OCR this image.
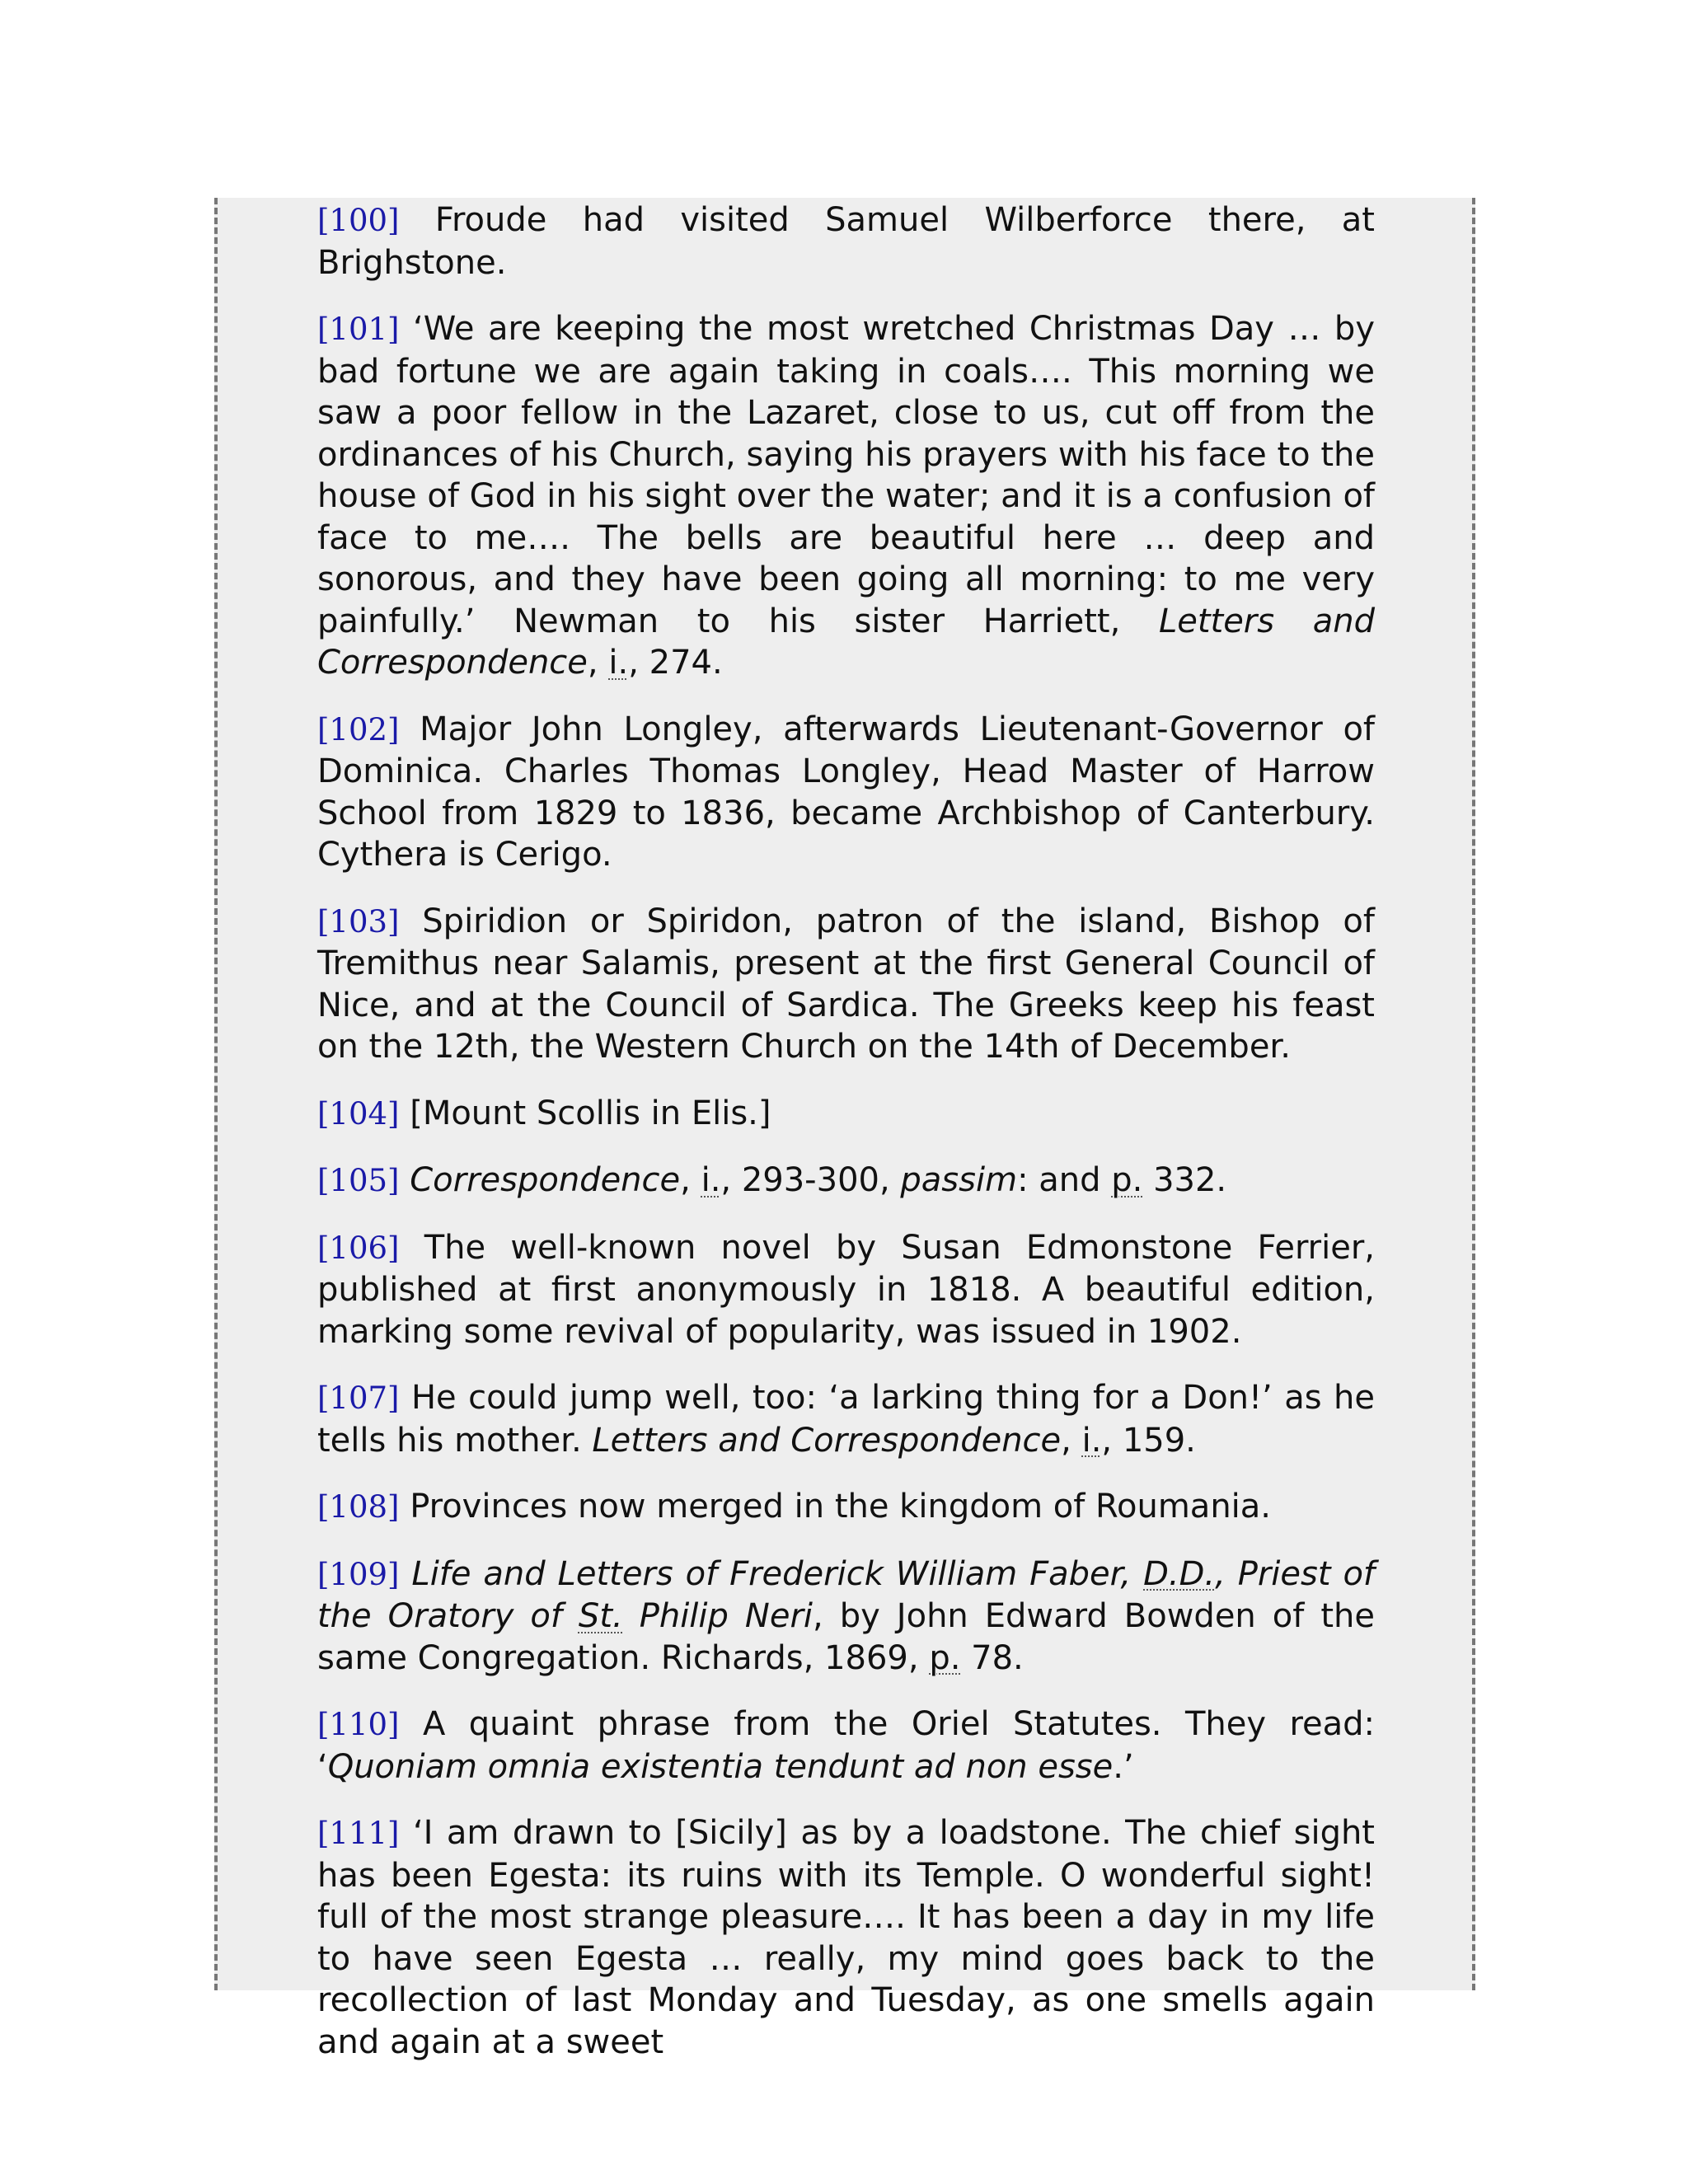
[100] Froude had visited Samuel Wilberforce there, at Brighstone.

[101] ‘We are keeping the most wretched Christmas Day … by bad fortune we are again taking in coals…. This morning we saw a poor fellow in the Lazaret, close to us, cut off from the ordinances of his Church, saying his prayers with his face to the house of God in his sight over the water; and it is a confusion of face to me…. The bells are beautiful here … deep and sonorous, and they have been going all morning: to me very painfully.’ Newman to his sister Harriett, Letters and Correspondence, i., 274.

[102] Major John Longley, afterwards Lieutenant-Governor of Dominica. Charles Thomas Longley, Head Master of Harrow School from 1829 to 1836, became Archbishop of Canterbury. Cythera is Cerigo.

[103] Spiridion or Spiridon, patron of the island, Bishop of Tremithus near Salamis, present at the first General Council of Nice, and at the Council of Sardica. The Greeks keep his feast on the 12th, the Western Church on the 14th of December.

[104] [Mount Scollis in Elis.]

[105] Correspondence, i., 293-300, passim: and p. 332.

[106] The well-known novel by Susan Edmonstone Ferrier, published at first anonymously in 1818. A beautiful edition, marking some revival of popularity, was issued in 1902.

[107] He could jump well, too: ‘a larking thing for a Don!’ as he tells his mother. Letters and Correspondence, i., 159.

[108] Provinces now merged in the kingdom of Roumania.

[109] Life and Letters of Frederick William Faber, D.D., Priest of the Oratory of St. Philip Neri, by John Edward Bowden of the same Congregation. Richards, 1869, p. 78.

[110] A quaint phrase from the Oriel Statutes. They read: ‘Quoniam omnia existentia tendunt ad non esse.’

[111] ‘I am drawn to [Sicily] as by a loadstone. The chief sight has been Egesta: its ruins with its Temple. O wonderful sight! full of the most strange pleasure…. It has been a day in my life to have seen Egesta … really, my mind goes back to the recollection of last Monday and Tuesday, as one smells again and again at a sweet
